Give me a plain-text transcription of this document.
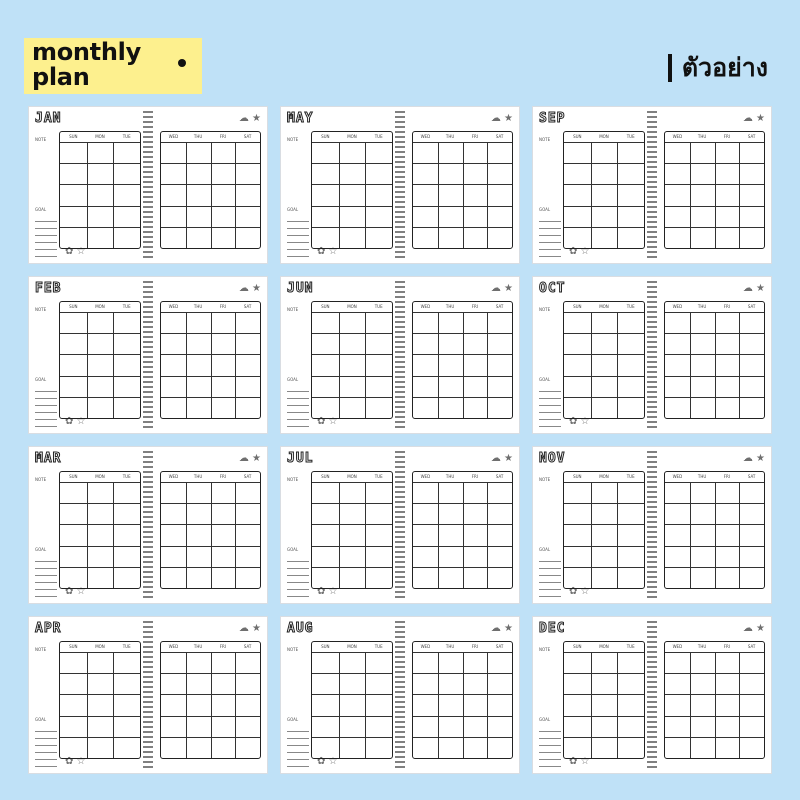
monthly
plan	ตัวอย่าง
JAN
✿ ☆
NOTE
GOAL
SUN	MON	TUE
☁ ★
WED	THU	FRI	SAT
MAY
✿ ☆
NOTE
GOAL
SUN	MON	TUE
☁ ★
WED	THU	FRI	SAT
SEP
✿ ☆
NOTE
GOAL
SUN	MON	TUE
☁ ★
WED	THU	FRI	SAT
FEB
✿ ☆
NOTE
GOAL
SUN	MON	TUE
☁ ★
WED	THU	FRI	SAT
JUN
✿ ☆
NOTE
GOAL
SUN	MON	TUE
☁ ★
WED	THU	FRI	SAT
OCT
✿ ☆
NOTE
GOAL
SUN	MON	TUE
☁ ★
WED	THU	FRI	SAT
MAR
✿ ☆
NOTE
GOAL
SUN	MON	TUE
☁ ★
WED	THU	FRI	SAT
JUL
✿ ☆
NOTE
GOAL
SUN	MON	TUE
☁ ★
WED	THU	FRI	SAT
NOV
✿ ☆
NOTE
GOAL
SUN	MON	TUE
☁ ★
WED	THU	FRI	SAT
APR
✿ ☆
NOTE
GOAL
SUN	MON	TUE
☁ ★
WED	THU	FRI	SAT
AUG
✿ ☆
NOTE
GOAL
SUN	MON	TUE
☁ ★
WED	THU	FRI	SAT
DEC
✿ ☆
NOTE
GOAL
SUN	MON	TUE
☁ ★
WED	THU	FRI	SAT
